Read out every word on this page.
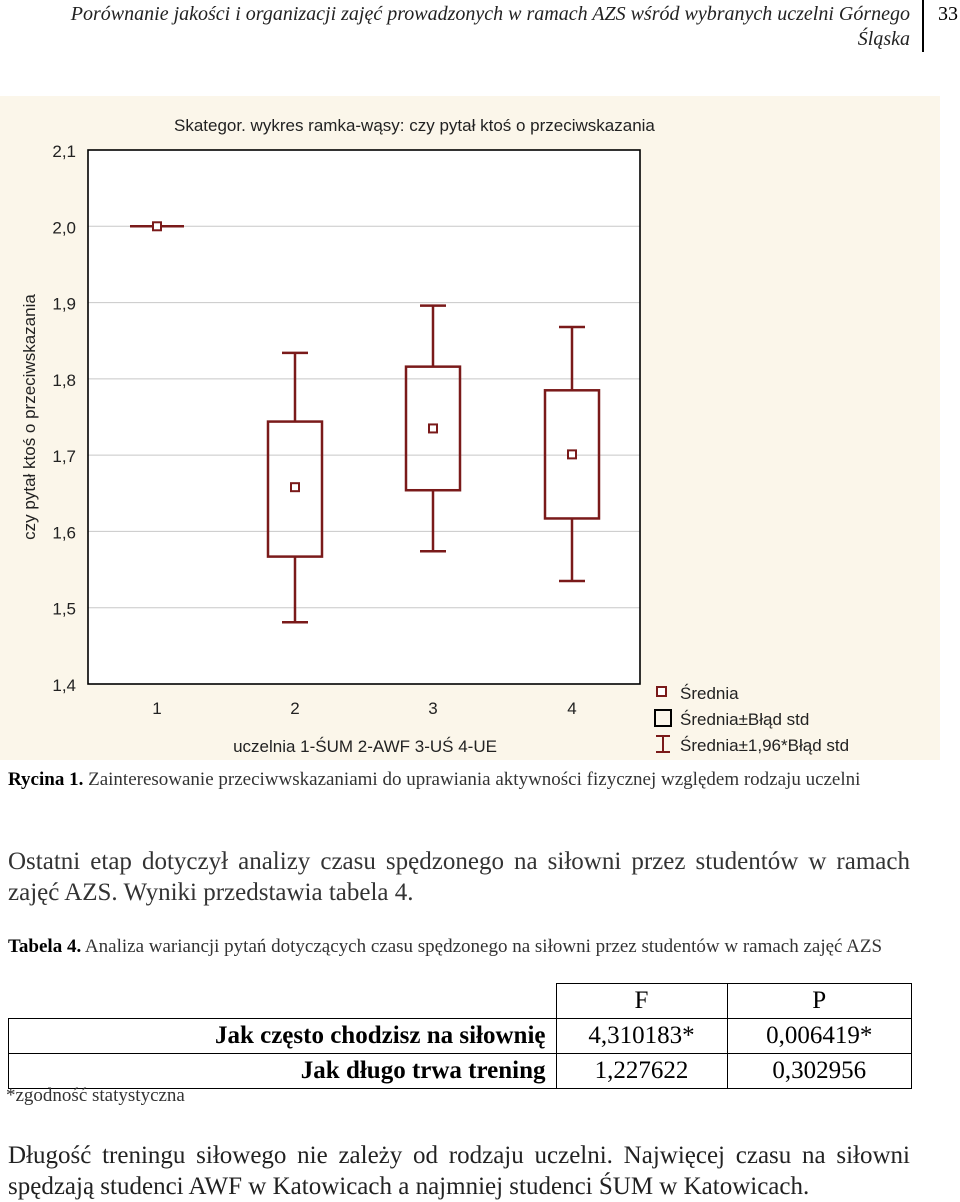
Porównanie jakości i organizacji zajęć prowadzonych w ramach AZS wśród wybranych uczelni Górnego Śląska
33
2,1
2,0
1,9
1,8
1,7
1,6
1,5
1,4
1	2	3	4
Skategor. wykres ramka-wąsy: czy pytał ktoś o przeciwskazania
czy pytał ktoś o przeciwskazania
uczelnia 1-ŚUM 2-AWF 3-UŚ 4-UE
Średnia
Średnia±Błąd std
Średnia±1,96*Błąd std
Rycina 1. Zainteresowanie przeciwwskazaniami do uprawiania aktywności fizycznej względem rodzaju uczelni
Ostatni etap dotyczył analizy czasu spędzonego na siłowni przez studentów w ramach zajęć AZS. Wyniki przedstawia tabela 4.
Tabela 4. Analiza wariancji pytań dotyczących czasu spędzonego na siłowni przez studentów w ramach zajęć AZS
	F	P
Jak często chodzisz na siłownię	4,310183*	0,006419*
Jak długo trwa trening	1,227622	0,302956
*zgodność statystyczna
Długość treningu siłowego nie zależy od rodzaju uczelni. Najwięcej czasu na siłowni spędzają studenci AWF w Katowicach a najmniej studenci ŚUM w Katowicach.
